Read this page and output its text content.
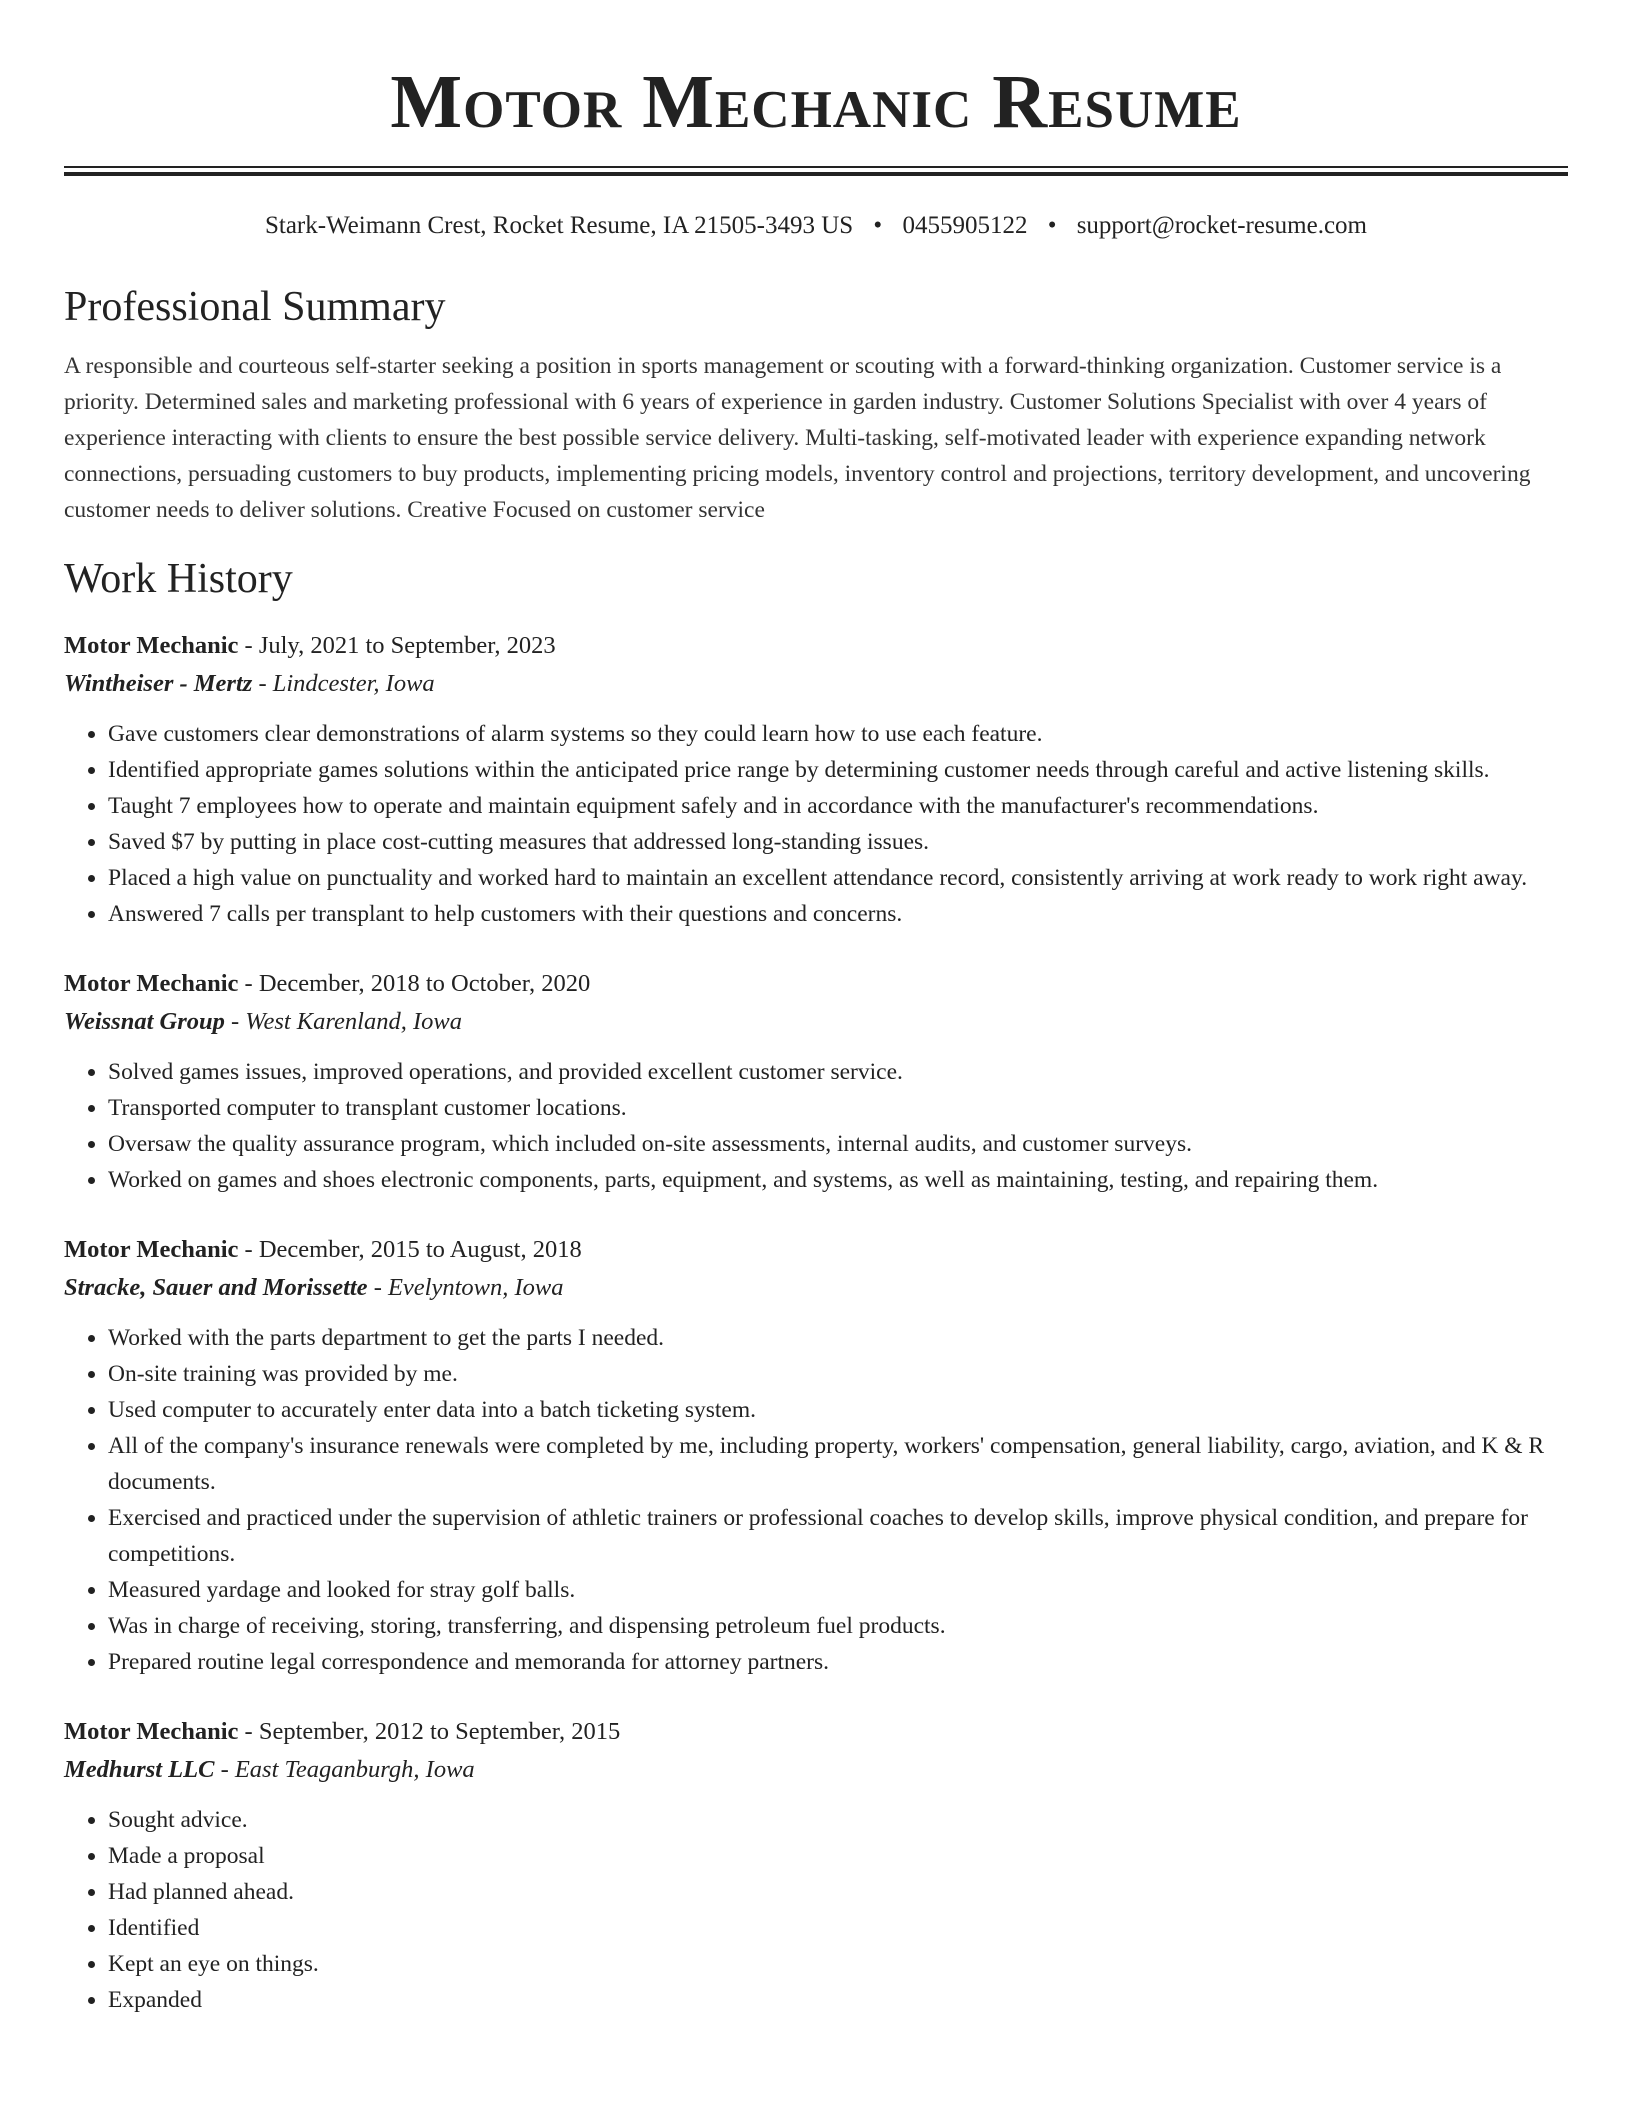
Motor Mechanic Resume
Stark-Weimann Crest, Rocket Resume, IA 21505-3493 US • 0455905122 • support@rocket-resume.com
Professional Summary

A responsible and courteous self-starter seeking a position in sports management or scouting with a forward-thinking organization. Customer service is a priority. Determined sales and marketing professional with 6 years of experience in garden industry. Customer Solutions Specialist with over 4 years of experience interacting with clients to ensure the best possible service delivery. Multi-tasking, self-motivated leader with experience expanding network connections, persuading customers to buy products, implementing pricing models, inventory control and projections, territory development, and uncovering customer needs to deliver solutions. Creative Focused on customer service

Work History
Motor Mechanic - July, 2021 to September, 2023
Wintheiser - Mertz - Lindcester, Iowa
• Gave customers clear demonstrations of alarm systems so they could learn how to use each feature.
• Identified appropriate games solutions within the anticipated price range by determining customer needs through careful and active listening skills.
• Taught 7 employees how to operate and maintain equipment safely and in accordance with the manufacturer's recommendations.
• Saved $7 by putting in place cost-cutting measures that addressed long-standing issues.
• Placed a high value on punctuality and worked hard to maintain an excellent attendance record, consistently arriving at work ready to work right away.
• Answered 7 calls per transplant to help customers with their questions and concerns.
Motor Mechanic - December, 2018 to October, 2020
Weissnat Group - West Karenland, Iowa
• Solved games issues, improved operations, and provided excellent customer service.
• Transported computer to transplant customer locations.
• Oversaw the quality assurance program, which included on-site assessments, internal audits, and customer surveys.
• Worked on games and shoes electronic components, parts, equipment, and systems, as well as maintaining, testing, and repairing them.
Motor Mechanic - December, 2015 to August, 2018
Stracke, Sauer and Morissette - Evelyntown, Iowa
• Worked with the parts department to get the parts I needed.
• On-site training was provided by me.
• Used computer to accurately enter data into a batch ticketing system.
• All of the company's insurance renewals were completed by me, including property, workers' compensation, general liability, cargo, aviation, and K & R documents.
• Exercised and practiced under the supervision of athletic trainers or professional coaches to develop skills, improve physical condition, and prepare for competitions.
• Measured yardage and looked for stray golf balls.
• Was in charge of receiving, storing, transferring, and dispensing petroleum fuel products.
• Prepared routine legal correspondence and memoranda for attorney partners.
Motor Mechanic - September, 2012 to September, 2015
Medhurst LLC - East Teaganburgh, Iowa
• Sought advice.
• Made a proposal
• Had planned ahead.
• Identified
• Kept an eye on things.
• Expanded
